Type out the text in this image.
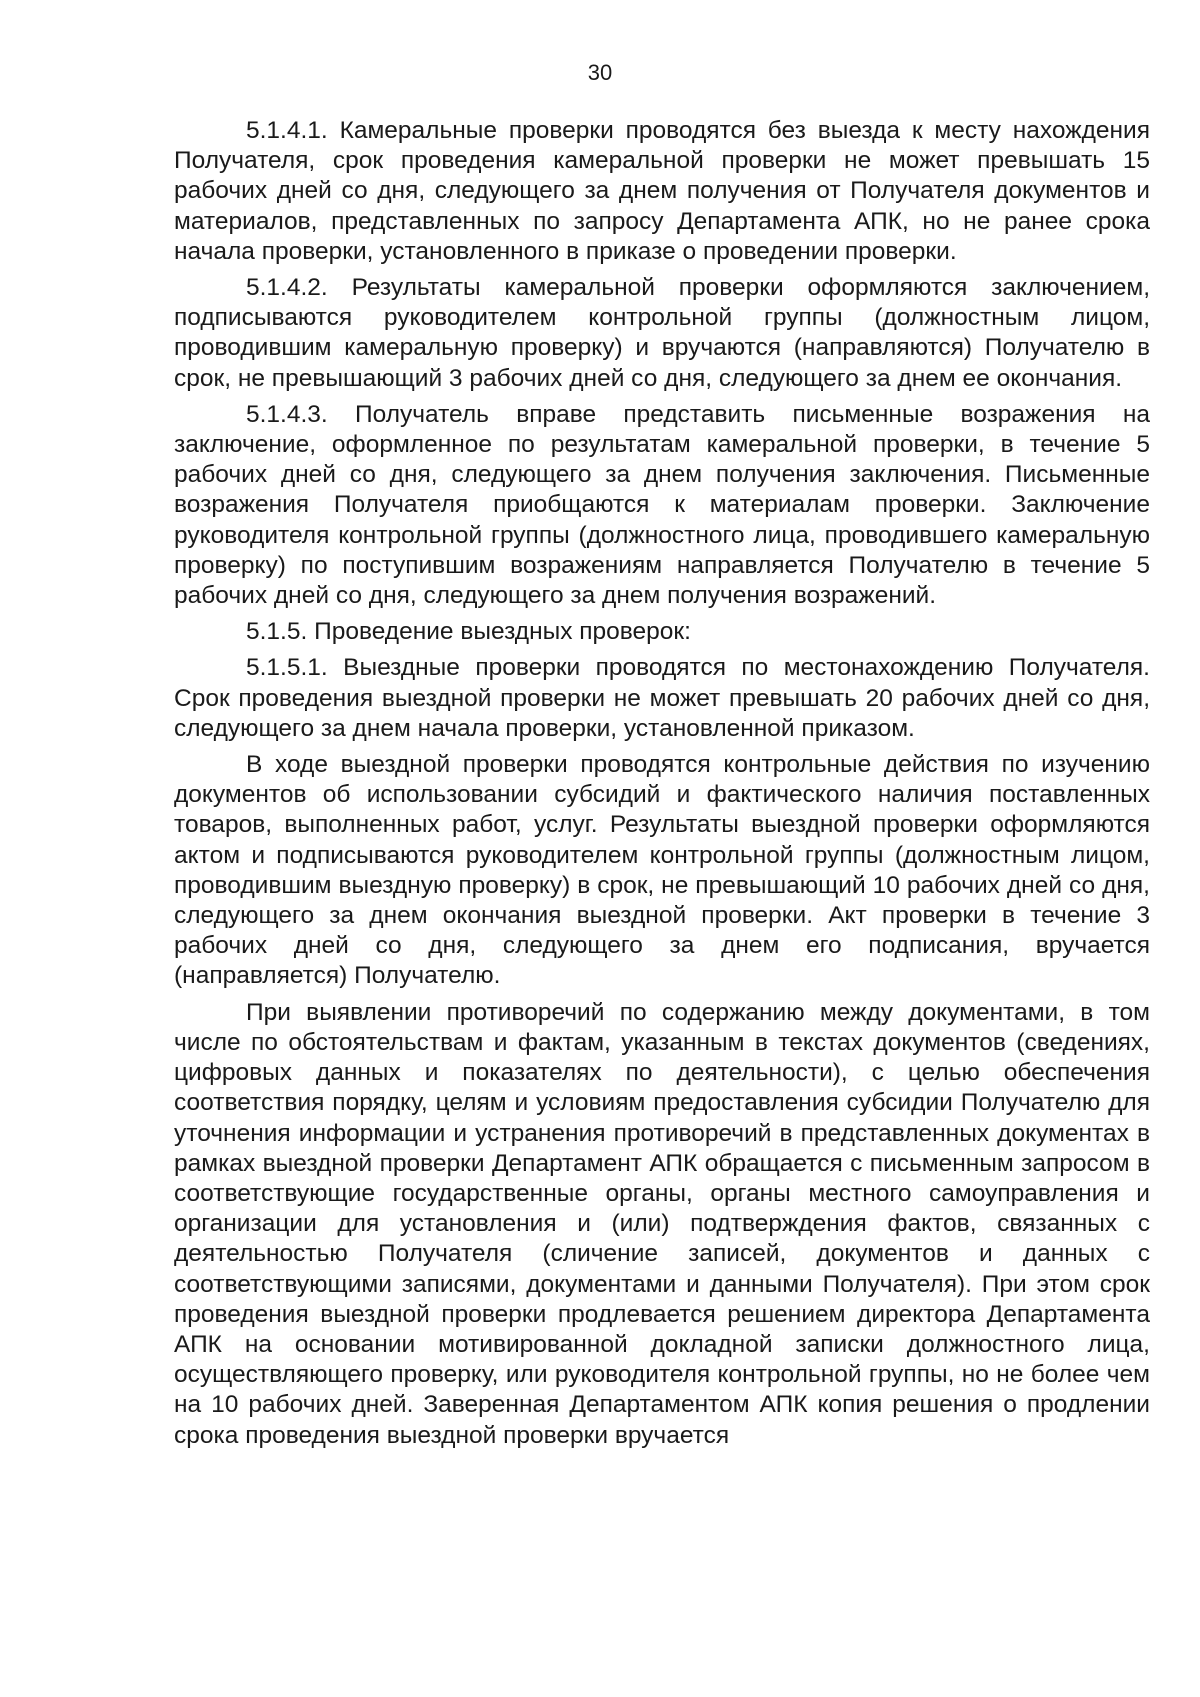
30

5.1.4.1. Камеральные проверки проводятся без выезда к месту нахождения Получателя, срок проведения камеральной проверки не может превышать 15 рабочих дней со дня, следующего за днем получения от Получателя документов и материалов, представленных по запросу Департамента АПК, но не ранее срока начала проверки, установленного в приказе о проведении проверки.

5.1.4.2. Результаты камеральной проверки оформляются заключением, подписываются руководителем контрольной группы (должностным лицом, проводившим камеральную проверку) и вручаются (направляются) Получателю в срок, не превышающий 3 рабочих дней со дня, следующего за днем ее окончания.

5.1.4.3. Получатель вправе представить письменные возражения на заключение, оформленное по результатам камеральной проверки, в течение 5 рабочих дней со дня, следующего за днем получения заключения. Письменные возражения Получателя приобщаются к материалам проверки. Заключение руководителя контрольной группы (должностного лица, проводившего камеральную проверку) по поступившим возражениям направляется Получателю в течение 5 рабочих дней со дня, следующего за днем получения возражений.

5.1.5. Проведение выездных проверок:

5.1.5.1. Выездные проверки проводятся по местонахождению Получателя. Срок проведения выездной проверки не может превышать 20 рабочих дней со дня, следующего за днем начала проверки, установленной приказом.

В ходе выездной проверки проводятся контрольные действия по изучению документов об использовании субсидий и фактического наличия поставленных товаров, выполненных работ, услуг. Результаты выездной проверки оформляются актом и подписываются руководителем контрольной группы (должностным лицом, проводившим выездную проверку) в срок, не превышающий 10 рабочих дней со дня, следующего за днем окончания выездной проверки. Акт проверки в течение 3 рабочих дней со дня, следующего за днем его подписания, вручается (направляется) Получателю.

При выявлении противоречий по содержанию между документами, в том числе по обстоятельствам и фактам, указанным в текстах документов (сведениях, цифровых данных и показателях по деятельности), с целью обеспечения соответствия порядку, целям и условиям предоставления субсидии Получателю для уточнения информации и устранения противоречий в представленных документах в рамках выездной проверки Департамент АПК обращается с письменным запросом в соответствующие государственные органы, органы местного самоуправления и организации для установления и (или) подтверждения фактов, связанных с деятельностью Получателя (сличение записей, документов и данных с соответствующими записями, документами и данными Получателя). При этом срок проведения выездной проверки продлевается решением директора Департамента АПК на основании мотивированной докладной записки должностного лица, осуществляющего проверку, или руководителя контрольной группы, но не более чем на 10 рабочих дней. Заверенная Департаментом АПК копия решения о продлении срока проведения выездной проверки вручается
